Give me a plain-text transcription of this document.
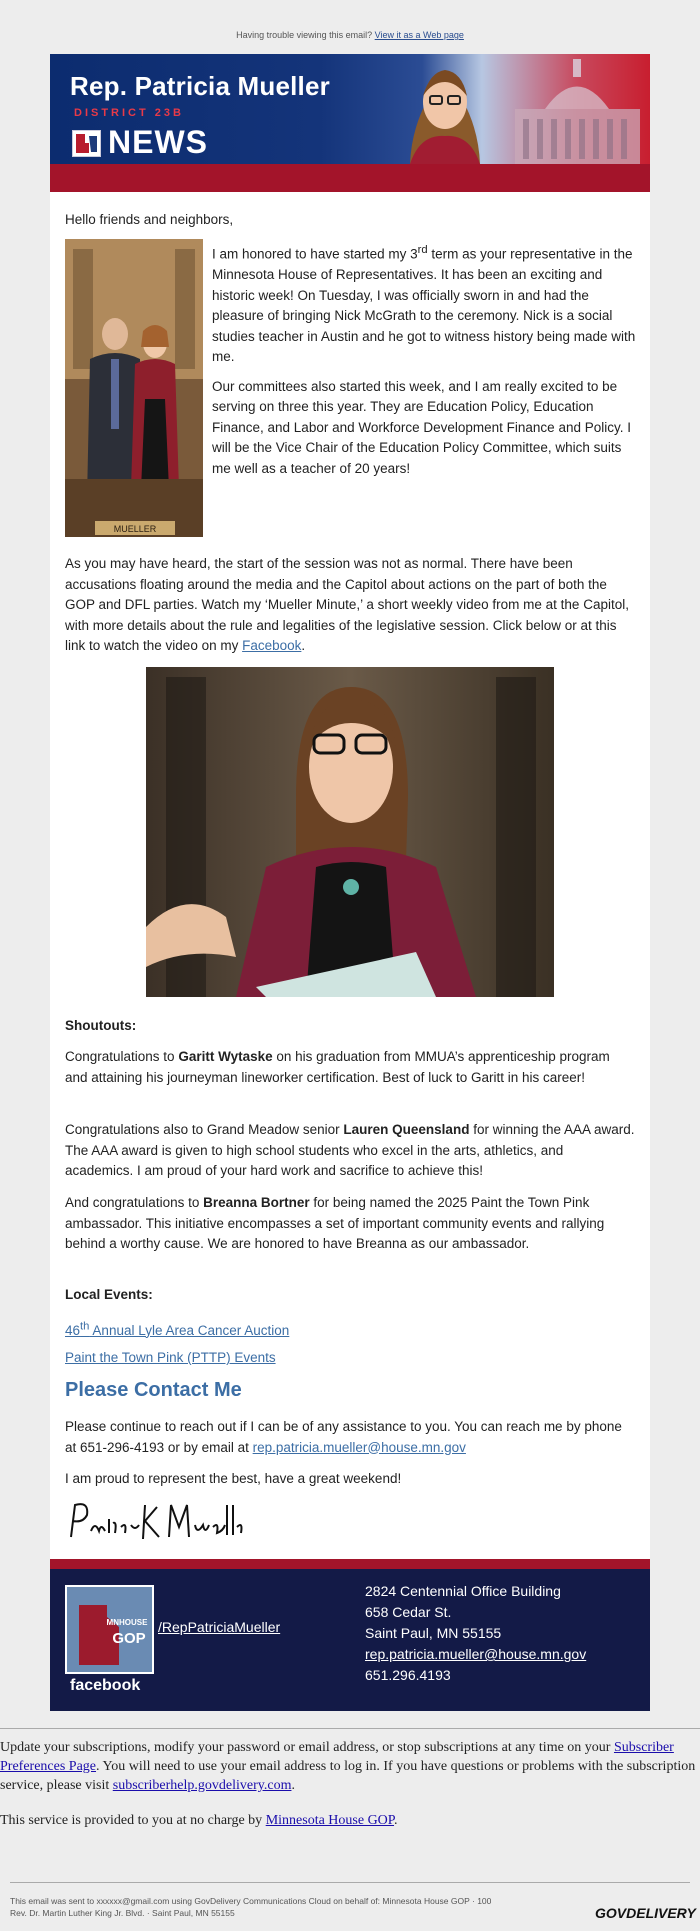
Having trouble viewing this email? View it as a Web page
Rep. Patricia Mueller
DISTRICT 23B
NEWS
Hello friends and neighbors,
MUELLER

I am honored to have started my 3rd term as your representative in the Minnesota House of Representatives. It has been an exciting and historic week! On Tuesday, I was officially sworn in and had the pleasure of bringing Nick McGrath to the ceremony. Nick is a social studies teacher in Austin and he got to witness history being made with me.

Our committees also started this week, and I am really excited to be serving on three this year. They are Education Policy, Education Finance, and Labor and Workforce Development Finance and Policy. I will be the Vice Chair of the Education Policy Committee, which suits me well as a teacher of 20 years!

As you may have heard, the start of the session was not as normal. There have been accusations floating around the media and the Capitol about actions on the part of both the GOP and DFL parties. Watch my ‘Mueller Minute,’ a short weekly video from me at the Capitol, with more details about the rule and legalities of the legislative session. Click below or at this link to watch the video on my Facebook.
Shoutouts:
Congratulations to Garitt Wytaske on his graduation from MMUA’s apprenticeship program and attaining his journeyman lineworker certification. Best of luck to Garitt in his career!
Congratulations also to Grand Meadow senior Lauren Queensland for winning the AAA award. The AAA award is given to high school students who excel in the arts, athletics, and academics. I am proud of your hard work and sacrifice to achieve this!
And congratulations to Breanna Bortner for being named the 2025 Paint the Town Pink ambassador. This initiative encompasses a set of important community events and rallying behind a worthy cause. We are honored to have Breanna as our ambassador.
Local Events:
46th Annual Lyle Area Cancer Auction
Paint the Town Pink (PTTP) Events
Please Contact Me
Please continue to reach out if I can be of any assistance to you. You can reach me by phone at 651-296-4193 or by email at rep.patricia.mueller@house.mn.gov
I am proud to represent the best, have a great weekend!
MNHOUSE
GOP
facebook
/RepPatriciaMueller
2824 Centennial Office Building
658 Cedar St.
Saint Paul, MN 55155
rep.patricia.mueller@house.mn.gov
651.296.4193

Update your subscriptions, modify your password or email address, or stop subscriptions at any time on your Subscriber Preferences Page. You will need to use your email address to log in. If you have questions or problems with the subscription service, please visit subscriberhelp.govdelivery.com.

This service is provided to you at no charge by Minnesota House GOP.

This email was sent to xxxxxx@gmail.com using GovDelivery Communications Cloud on behalf of: Minnesota House GOP · 100
Rev. Dr. Martin Luther King Jr. Blvd. · Saint Paul, MN 55155	GOVDELIVERY
